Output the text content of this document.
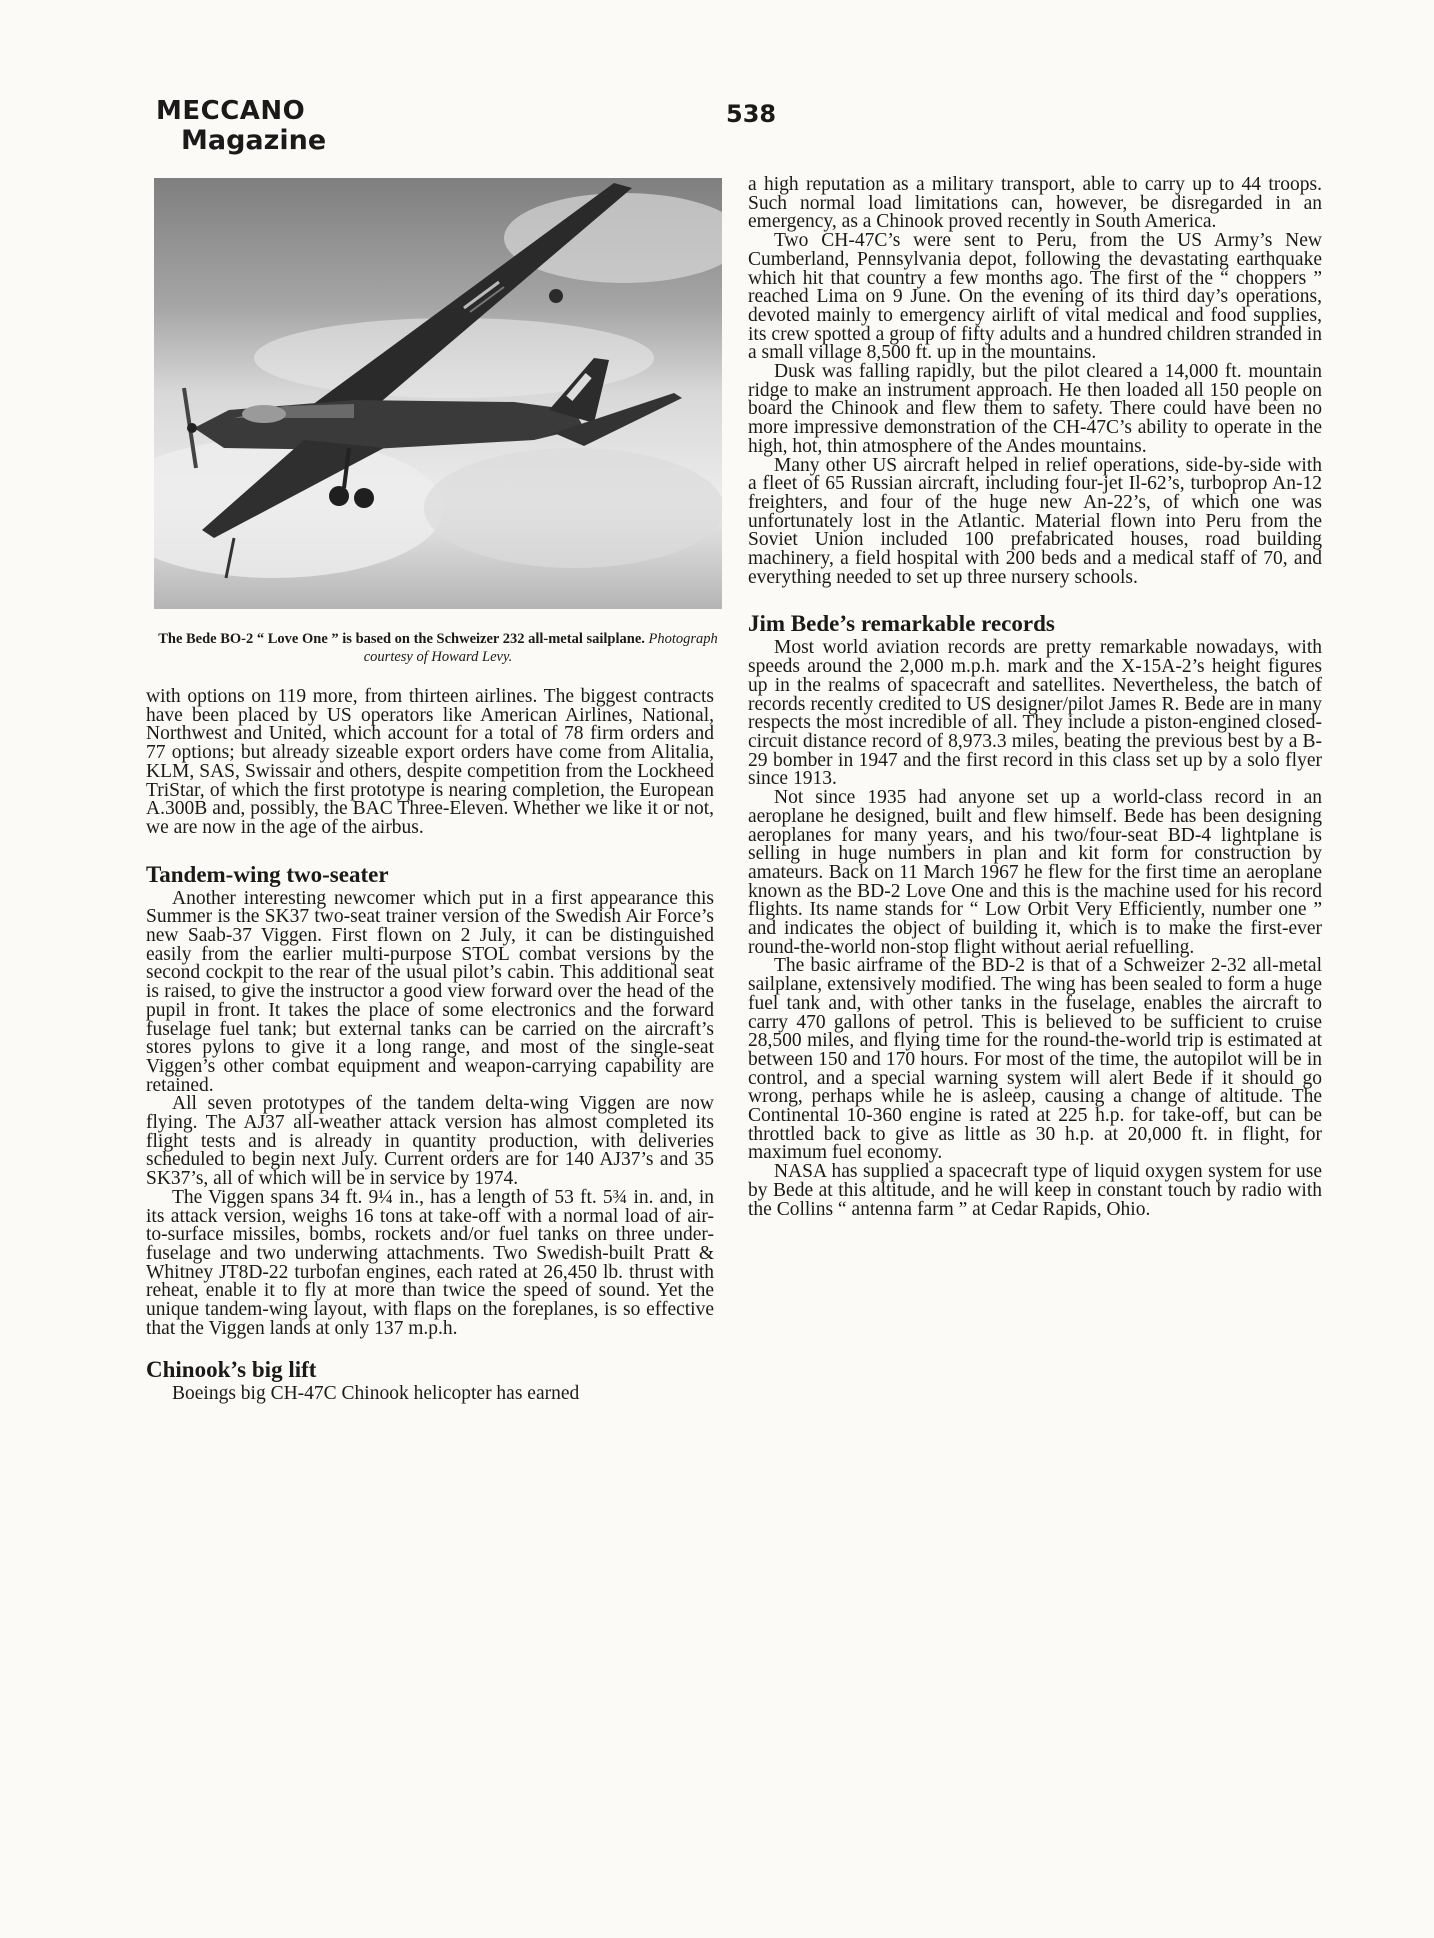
MECCANO
Magazine
538
The Bede BO-2 “ Love One ” is based on the Schweizer 232 all-metal sailplane. Photograph courtesy of Howard Levy.

with options on 119 more, from thirteen airlines. The biggest contracts have been placed by US operators like American Airlines, National, Northwest and United, which account for a total of 78 firm orders and 77 options; but already sizeable export orders have come from Alitalia, KLM, SAS, Swissair and others, despite competition from the Lockheed TriStar, of which the first prototype is nearing completion, the European A.300B and, possibly, the BAC Three-Eleven. Whether we like it or not, we are now in the age of the airbus.

Tandem-wing two-seater

Another interesting newcomer which put in a first appearance this Summer is the SK37 two-seat trainer version of the Swedish Air Force’s new Saab-37 Viggen. First flown on 2 July, it can be distinguished easily from the earlier multi-purpose STOL combat versions by the second cockpit to the rear of the usual pilot’s cabin. This additional seat is raised, to give the instructor a good view forward over the head of the pupil in front. It takes the place of some electronics and the forward fuselage fuel tank; but external tanks can be carried on the aircraft’s stores pylons to give it a long range, and most of the single-seat Viggen’s other combat equipment and weapon-carrying capability are retained.

All seven prototypes of the tandem delta-wing Viggen are now flying. The AJ37 all-weather attack version has almost completed its flight tests and is already in quantity production, with deliveries scheduled to begin next July. Current orders are for 140 AJ37’s and 35 SK37’s, all of which will be in service by 1974.

The Viggen spans 34 ft. 9¼ in., has a length of 53 ft. 5¾ in. and, in its attack version, weighs 16 tons at take-off with a normal load of air-to-surface missiles, bombs, rockets and/or fuel tanks on three under-fuselage and two underwing attachments. Two Swedish-built Pratt & Whitney JT8D-22 turbofan engines, each rated at 26,450 lb. thrust with reheat, enable it to fly at more than twice the speed of sound. Yet the unique tandem-wing layout, with flaps on the foreplanes, is so effective that the Viggen lands at only 137 m.p.h.

Chinook’s big lift

Boeings big CH-47C Chinook helicopter has earned

a high reputation as a military transport, able to carry up to 44 troops. Such normal load limitations can, however, be disregarded in an emergency, as a Chinook proved recently in South America.

Two CH-47C’s were sent to Peru, from the US Army’s New Cumberland, Pennsylvania depot, following the devastating earthquake which hit that country a few months ago. The first of the “ choppers ” reached Lima on 9 June. On the evening of its third day’s operations, devoted mainly to emergency airlift of vital medical and food supplies, its crew spotted a group of fifty adults and a hundred children stranded in a small village 8,500 ft. up in the mountains.

Dusk was falling rapidly, but the pilot cleared a 14,000 ft. mountain ridge to make an instrument approach. He then loaded all 150 people on board the Chinook and flew them to safety. There could have been no more impressive demonstration of the CH-47C’s ability to operate in the high, hot, thin atmosphere of the Andes mountains.

Many other US aircraft helped in relief operations, side-by-side with a fleet of 65 Russian aircraft, including four-jet Il-62’s, turboprop An-12 freighters, and four of the huge new An-22’s, of which one was unfortunately lost in the Atlantic. Material flown into Peru from the Soviet Union included 100 prefabricated houses, road building machinery, a field hospital with 200 beds and a medical staff of 70, and everything needed to set up three nursery schools.

Jim Bede’s remarkable records

Most world aviation records are pretty remarkable nowadays, with speeds around the 2,000 m.p.h. mark and the X-15A-2’s height figures up in the realms of spacecraft and satellites. Nevertheless, the batch of records recently credited to US designer/pilot James R. Bede are in many respects the most incredible of all. They include a piston-engined closed-circuit distance record of 8,973.3 miles, beating the previous best by a B-29 bomber in 1947 and the first record in this class set up by a solo flyer since 1913.

Not since 1935 had anyone set up a world-class record in an aeroplane he designed, built and flew himself. Bede has been designing aeroplanes for many years, and his two/four-seat BD-4 lightplane is selling in huge numbers in plan and kit form for construction by amateurs. Back on 11 March 1967 he flew for the first time an aeroplane known as the BD-2 Love One and this is the machine used for his record flights. Its name stands for “ Low Orbit Very Efficiently, number one ” and indicates the object of building it, which is to make the first-ever round-the-world non-stop flight without aerial refuelling.

The basic airframe of the BD-2 is that of a Schweizer 2-32 all-metal sailplane, extensively modified. The wing has been sealed to form a huge fuel tank and, with other tanks in the fuselage, enables the aircraft to carry 470 gallons of petrol. This is believed to be sufficient to cruise 28,500 miles, and flying time for the round-the-world trip is estimated at between 150 and 170 hours. For most of the time, the autopilot will be in control, and a special warning system will alert Bede if it should go wrong, perhaps while he is asleep, causing a change of altitude. The Continental 10-360 engine is rated at 225 h.p. for take-off, but can be throttled back to give as little as 30 h.p. at 20,000 ft. in flight, for maximum fuel economy.

NASA has supplied a spacecraft type of liquid oxygen system for use by Bede at this altitude, and he will keep in constant touch by radio with the Collins “ antenna farm ” at Cedar Rapids, Ohio.
